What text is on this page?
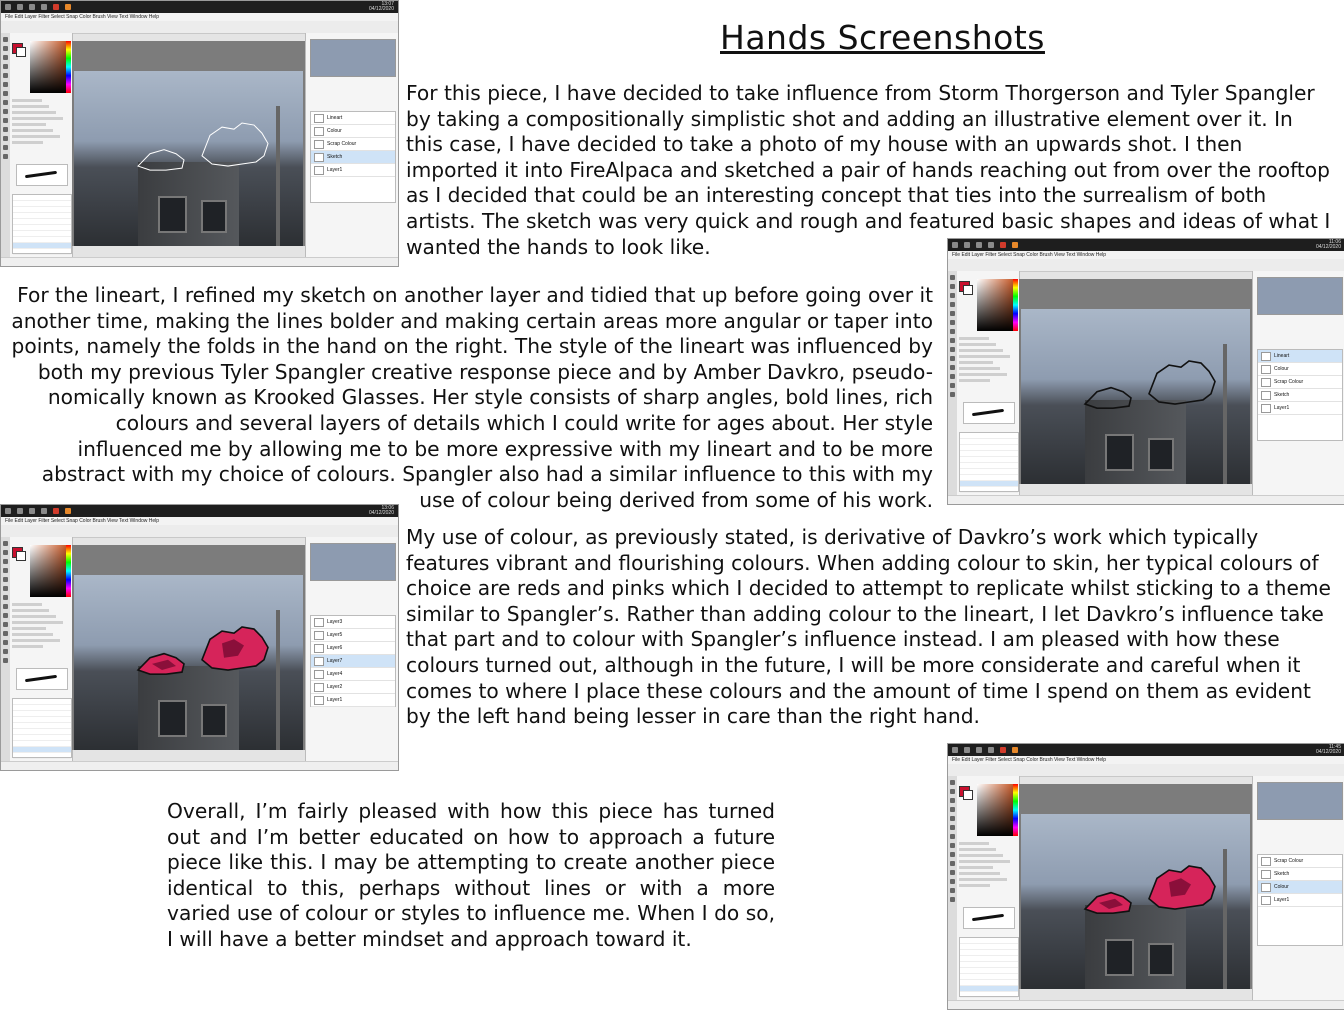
Hands Screenshots
For this piece, I have decided to take influence from Storm Thorgerson and Tyler Spangler by taking a compositionally simplistic shot and adding an illustrative element over it. In this case, I have decided to take a photo of my house with an upwards shot. I then imported it into FireAlpaca and sketched a pair of hands reaching out from over the rooftop as I decided that could be an interesting concept that ties into the surrealism of both artists. The sketch was very quick and rough and featured basic shapes and ideas of what I wanted the hands to look like.
For the lineart, I refined my sketch on another layer and tidied that up before going over it another time, making the lines bolder and making certain areas more angular or taper into points, namely the folds in the hand on the right. The style of the lineart was influenced by both my previous Tyler Spangler creative response piece and by Amber Davkro, pseudo-nomically known as Krooked Glasses. Her style consists of sharp angles, bold lines, rich colours and several layers of details which I could write for ages about. Her style influenced me by allowing me to be more expressive with my lineart and to be more abstract with my choice of colours. Spangler also had a similar influence to this with my use of colour being derived from some of his work.
My use of colour, as previously stated, is derivative of Davkro’s work which typically features vibrant and flourishing colours. When adding colour to skin, her typical colours of choice are reds and pinks which I decided to attempt to replicate whilst sticking to a theme similar to Spangler’s. Rather than adding colour to the lineart, I let Davkro’s influence take that part and to colour with Spangler’s influence instead. I am pleased with how these colours turned out, although in the future, I will be more considerate and careful when it comes to where I place these colours and the amount of time I spend on them as evident by the left hand being lesser in care than the right hand.
Overall, I’m fairly pleased with how this piece has turned out and I’m better educated on how to approach a future piece like this. I may be attempting to create another piece identical to this, perhaps without lines or with a more varied use of colour or styles to influence me. When I do so, I will have a better mindset and approach toward it.
13:07
04/12/2020
File Edit Layer Filter Select Snap Color Brush View Text Window Help
Lineart
Colour
Scrap Colour
Sketch
Layer1
11:06
04/12/2020
File Edit Layer Filter Select Snap Color Brush View Text Window Help
Lineart
Colour
Scrap Colour
Sketch
Layer1
13:06
04/12/2020
File Edit Layer Filter Select Snap Color Brush View Text Window Help
Layer3
Layer5
Layer6
Layer7
Layer4
Layer2
Layer1
11:45
04/12/2020
File Edit Layer Filter Select Snap Color Brush View Text Window Help
Scrap Colour
Sketch
Colour
Layer1
